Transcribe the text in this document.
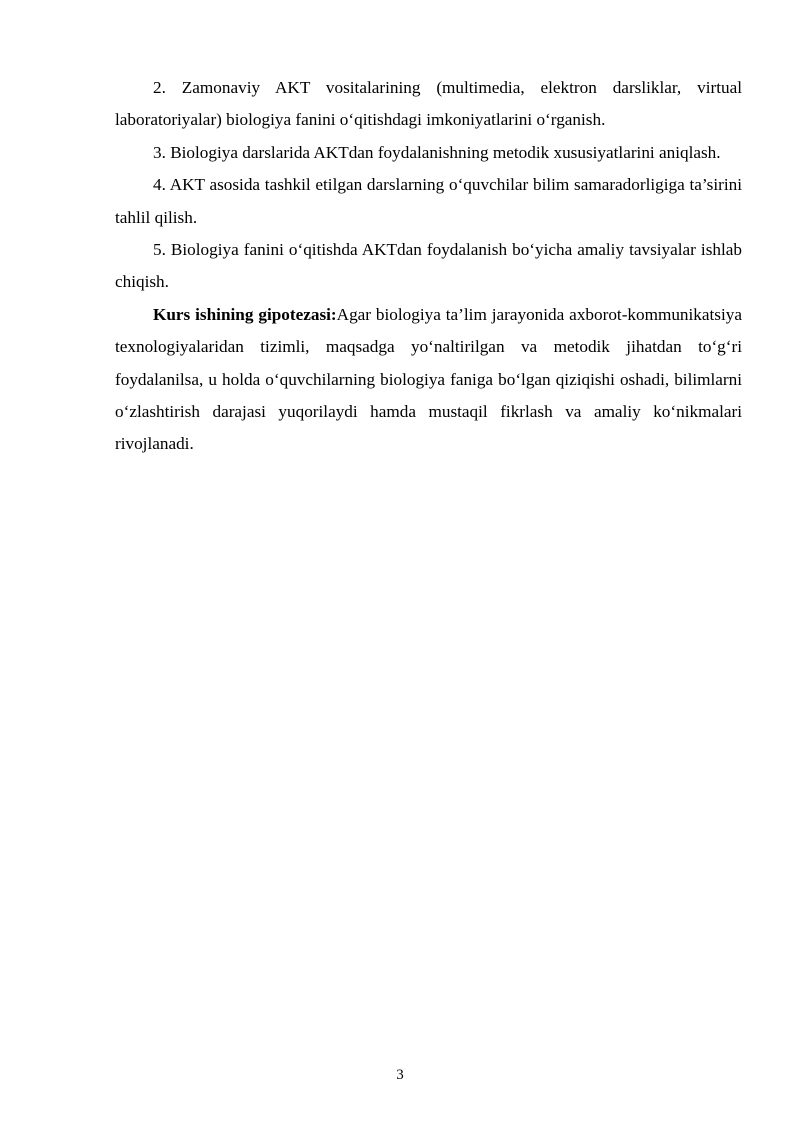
2. Zamonaviy AKT vositalarining (multimedia, elektron darsliklar, virtual laboratoriyalar) biologiya fanini o‘qitishdagi imkoniyatlarini o‘rganish.

3. Biologiya darslarida AKTdan foydalanishning metodik xususiyatlarini aniqlash.

4. AKT asosida tashkil etilgan darslarning o‘quvchilar bilim samaradorligiga ta’sirini tahlil qilish.

5. Biologiya fanini o‘qitishda AKTdan foydalanish bo‘yicha amaliy tavsiyalar ishlab chiqish.

Kurs ishining gipotezasi:Agar biologiya ta’lim jarayonida axborot-kommunikatsiya texnologiyalaridan tizimli, maqsadga yo‘naltirilgan va metodik jihatdan to‘g‘ri foydalanilsa, u holda o‘quvchilarning biologiya faniga bo‘lgan qiziqishi oshadi, bilimlarni o‘zlashtirish darajasi yuqorilaydi hamda mustaqil fikrlash va amaliy ko‘nikmalari rivojlanadi.

3
